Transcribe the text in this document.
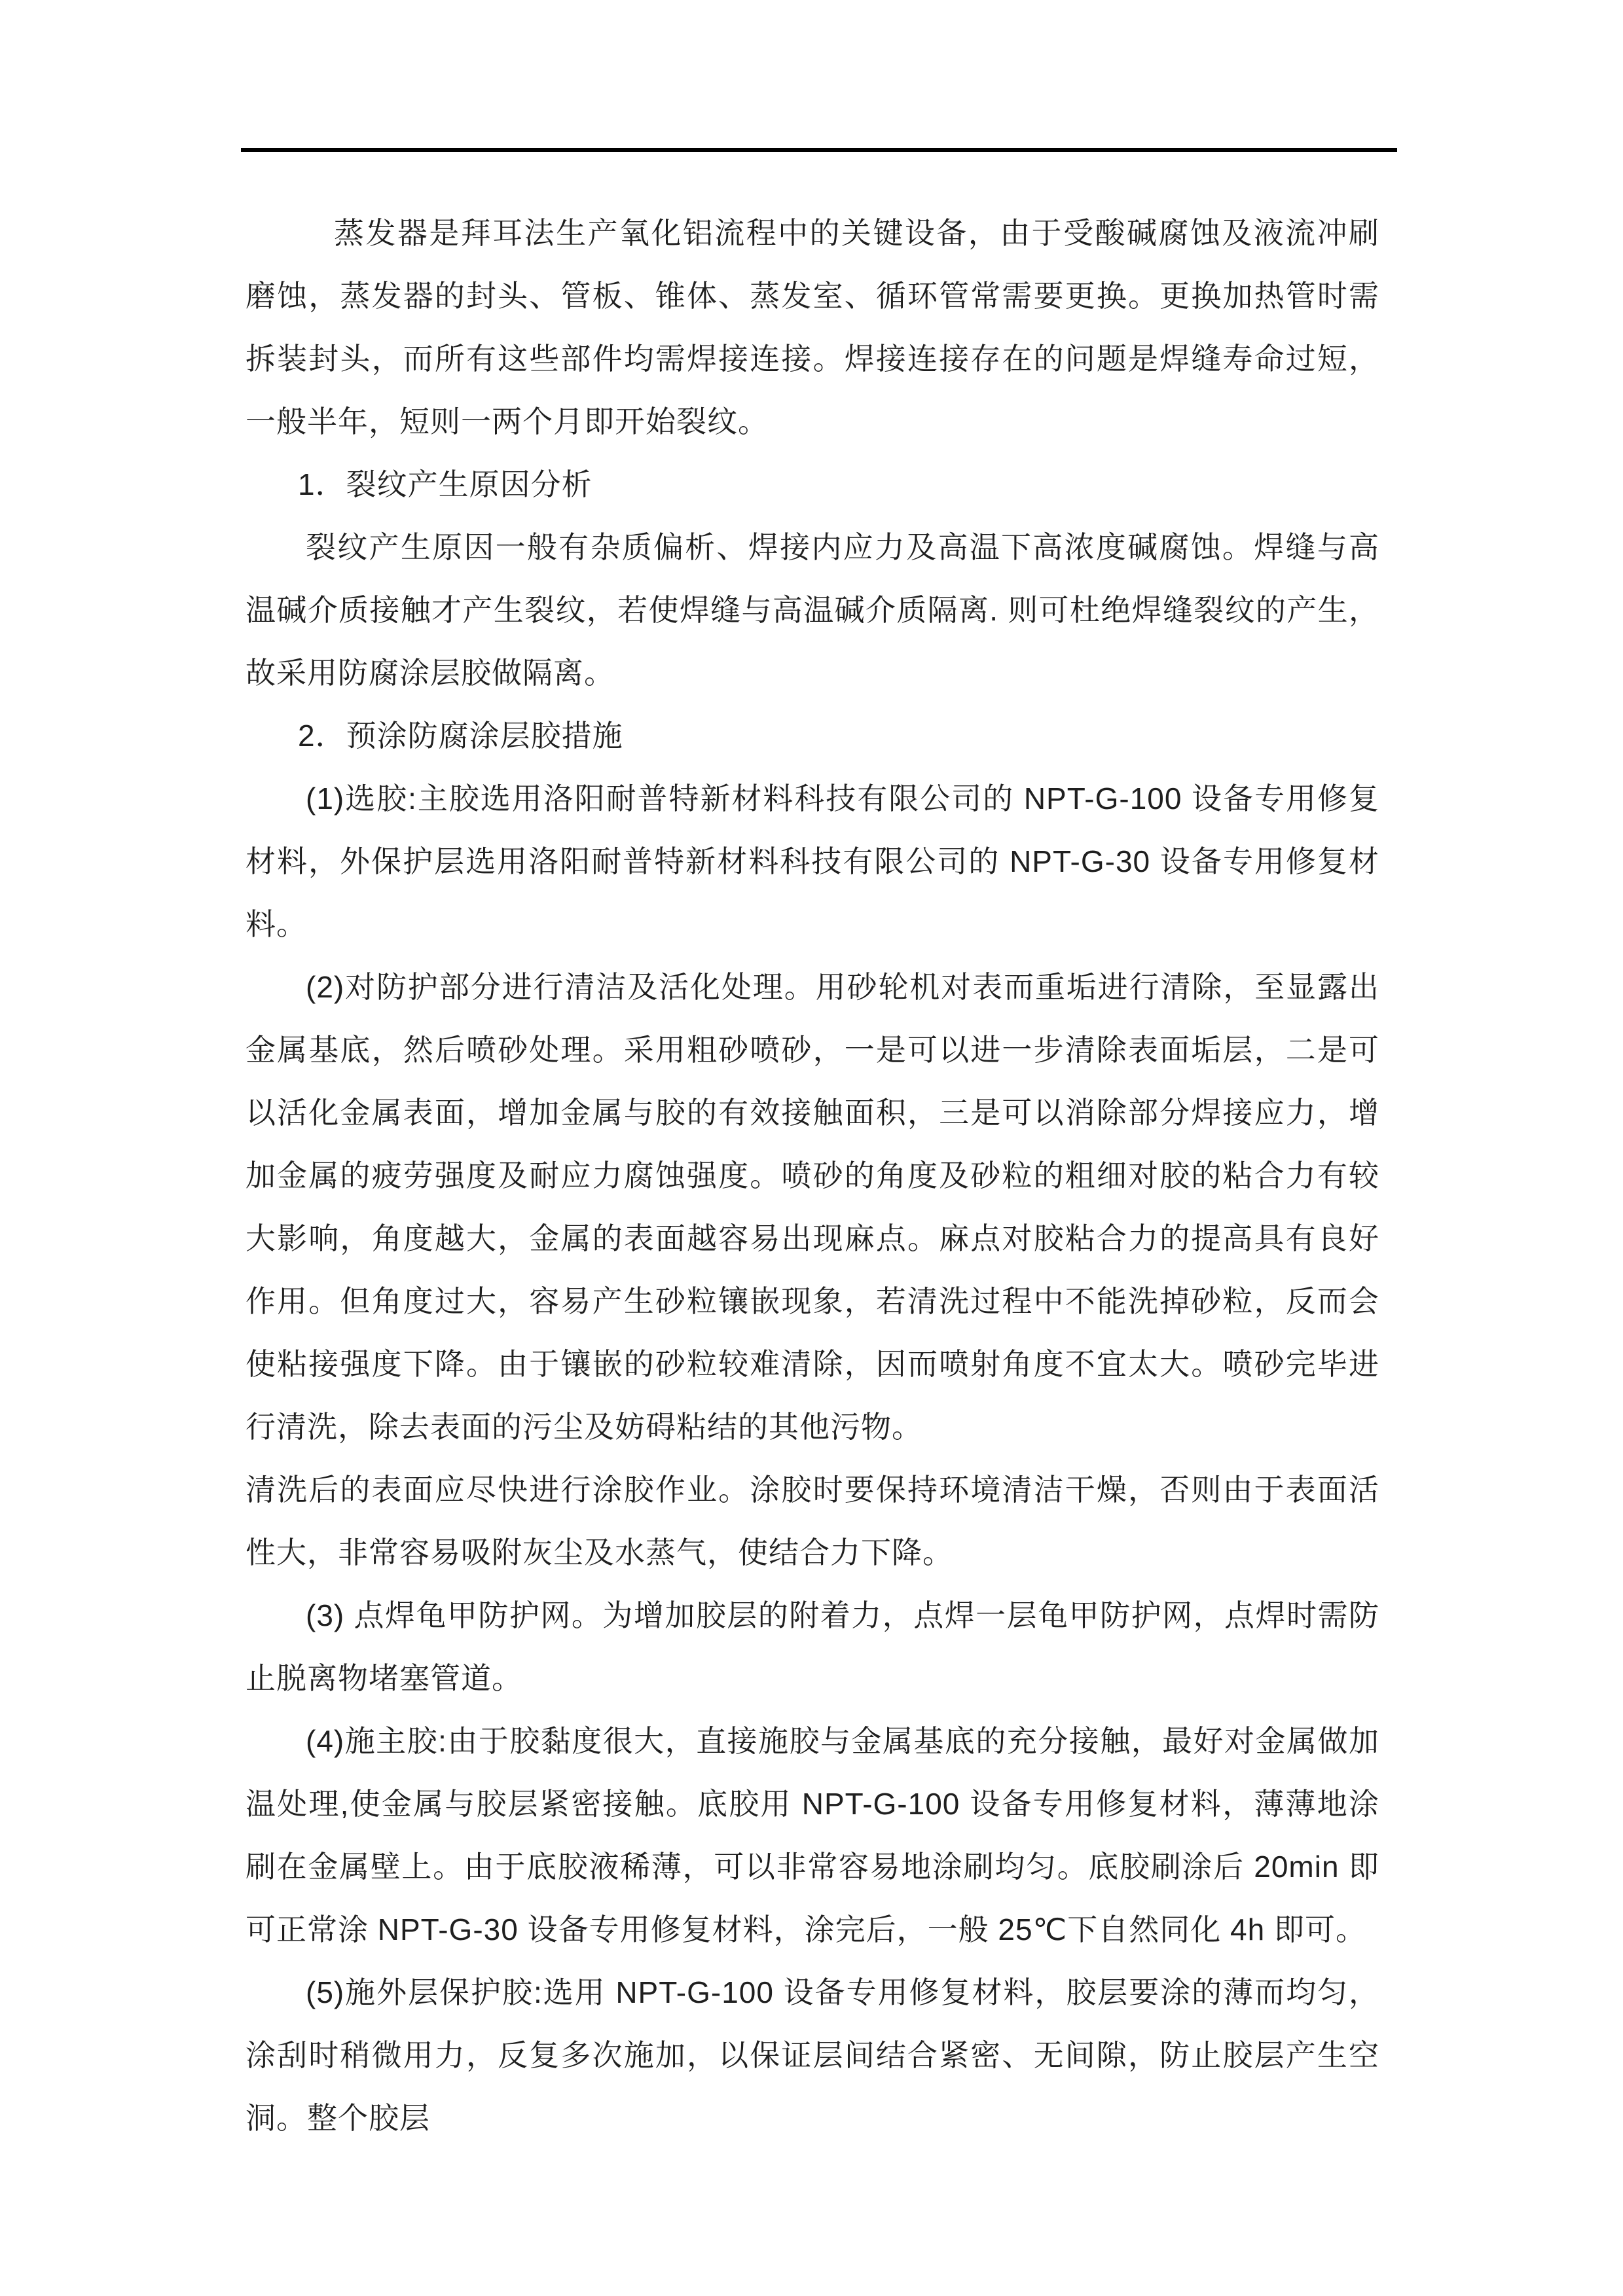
蒸发器是拜耳法生产氧化铝流程中的关键设备，由于受酸碱腐蚀及液流冲刷磨蚀，蒸发器的封头、管板、锥体、蒸发室、循环管常需要更换。更换加热管时需拆装封头，而所有这些部件均需焊接连接。焊接连接存在的问题是焊缝寿命过短，一般半年，短则一两个月即开始裂纹。

1．裂纹产生原因分析

裂纹产生原因一般有杂质偏析、焊接内应力及高温下高浓度碱腐蚀。焊缝与高温碱介质接触才产生裂纹，若使焊缝与高温碱介质隔离. 则可杜绝焊缝裂纹的产生，故采用防腐涂层胶做隔离。

2．预涂防腐涂层胶措施

(1)选胶:主胶选用洛阳耐普特新材料科技有限公司的 NPT-G-100 设备专用修复材料，外保护层选用洛阳耐普特新材料科技有限公司的 NPT-G-30 设备专用修复材料。

(2)对防护部分进行清洁及活化处理。用砂轮机对表而重垢进行清除，至显露出金属基底，然后喷砂处理。采用粗砂喷砂，一是可以进一步清除表面垢层，二是可以活化金属表面，增加金属与胶的有效接触面积，三是可以消除部分焊接应力，增加金属的疲劳强度及耐应力腐蚀强度。喷砂的角度及砂粒的粗细对胶的粘合力有较大影响，角度越大，金属的表面越容易出现麻点。麻点对胶粘合力的提高具有良好作用。但角度过大，容易产生砂粒镶嵌现象，若清洗过程中不能洗掉砂粒，反而会使粘接强度下降。由于镶嵌的砂粒较难清除，因而喷射角度不宜太大。喷砂完毕进行清洗，除去表面的污尘及妨碍粘结的其他污物。

清洗后的表面应尽快进行涂胶作业。涂胶时要保持环境清洁干燥，否则由于表面活性大，非常容易吸附灰尘及水蒸气，使结合力下降。

(3) 点焊龟甲防护网。为增加胶层的附着力，点焊一层龟甲防护网，点焊时需防止脱离物堵塞管道。

(4)施主胶:由于胶黏度很大，直接施胶与金属基底的充分接触，最好对金属做加温处理,使金属与胶层紧密接触。底胶用 NPT-G-100 设备专用修复材料，薄薄地涂刷在金属壁上。由于底胶液稀薄，可以非常容易地涂刷均匀。底胶刷涂后 20min 即可正常涂 NPT-G-30 设备专用修复材料，涂完后，一般 25℃下自然同化 4h 即可。

(5)施外层保护胶:选用 NPT-G-100 设备专用修复材料，胶层要涂的薄而均匀，涂刮时稍微用力，反复多次施加，以保证层间结合紧密、无间隙，防止胶层产生空洞。整个胶层
